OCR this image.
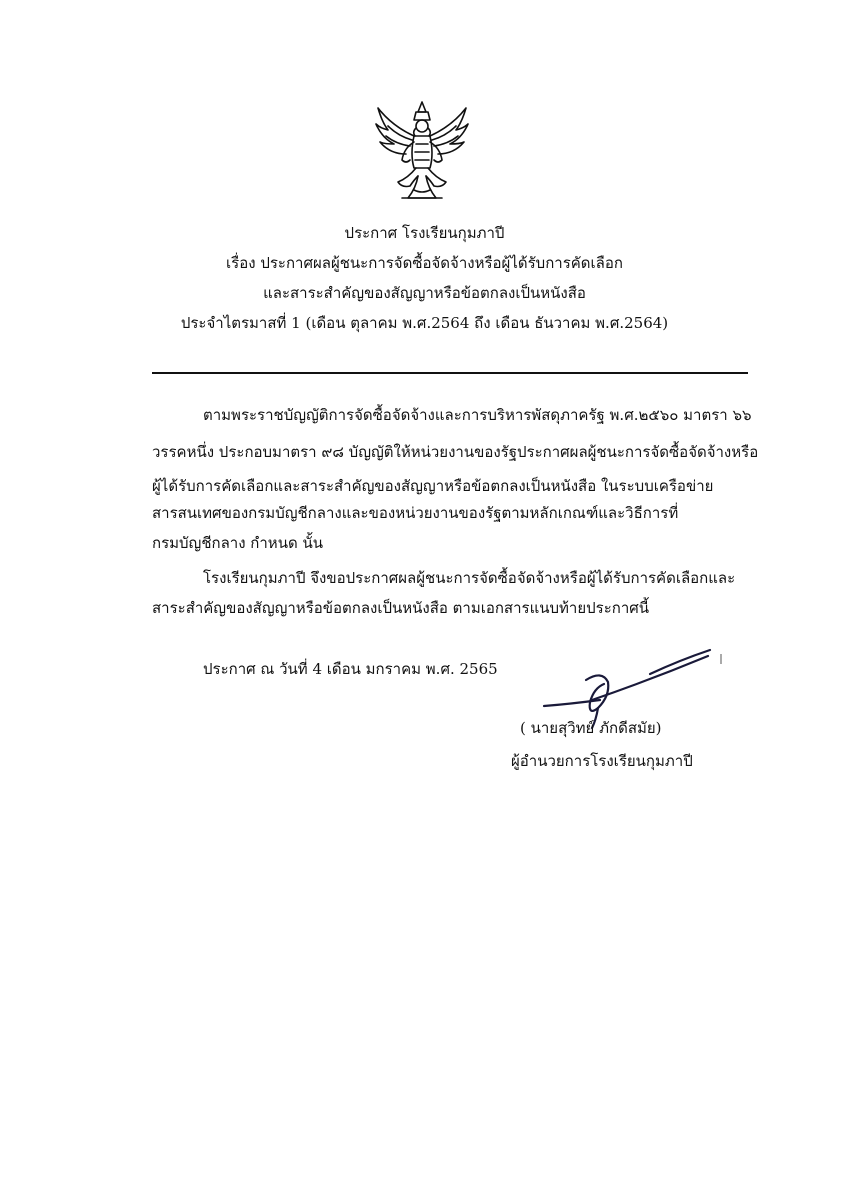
ประกาศ โรงเรียนกุมภาปี
เรื่อง ประกาศผลผู้ชนะการจัดซื้อจัดจ้างหรือผู้ได้รับการคัดเลือก
และสาระสำคัญของสัญญาหรือข้อตกลงเป็นหนังสือ
ประจำไตรมาสที่ 1 (เดือน ตุลาคม พ.ศ.2564 ถึง เดือน ธันวาคม พ.ศ.2564)
ตามพระราชบัญญัติการจัดซื้อจัดจ้างและการบริหารพัสดุภาครัฐ พ.ศ.๒๕๖๐ มาตรา ๖๖
วรรคหนึ่ง ประกอบมาตรา ๙๘ บัญญัติให้หน่วยงานของรัฐประกาศผลผู้ชนะการจัดซื้อจัดจ้างหรือ
ผู้ได้รับการคัดเลือกและสาระสำคัญของสัญญาหรือข้อตกลงเป็นหนังสือ ในระบบเครือข่าย
สารสนเทศของกรมบัญชีกลางและของหน่วยงานของรัฐตามหลักเกณฑ์และวิธีการที่
กรมบัญชีกลาง กำหนด นั้น
โรงเรียนกุมภาปี จึงขอประกาศผลผู้ชนะการจัดซื้อจัดจ้างหรือผู้ได้รับการคัดเลือกและ
สาระสำคัญของสัญญาหรือข้อตกลงเป็นหนังสือ ตามเอกสารแนบท้ายประกาศนี้
ประกาศ ณ วันที่ 4 เดือน มกราคม พ.ศ. 2565
( นายสุวิทย์ ภักดีสมัย)
ผู้อำนวยการโรงเรียนกุมภาปี
